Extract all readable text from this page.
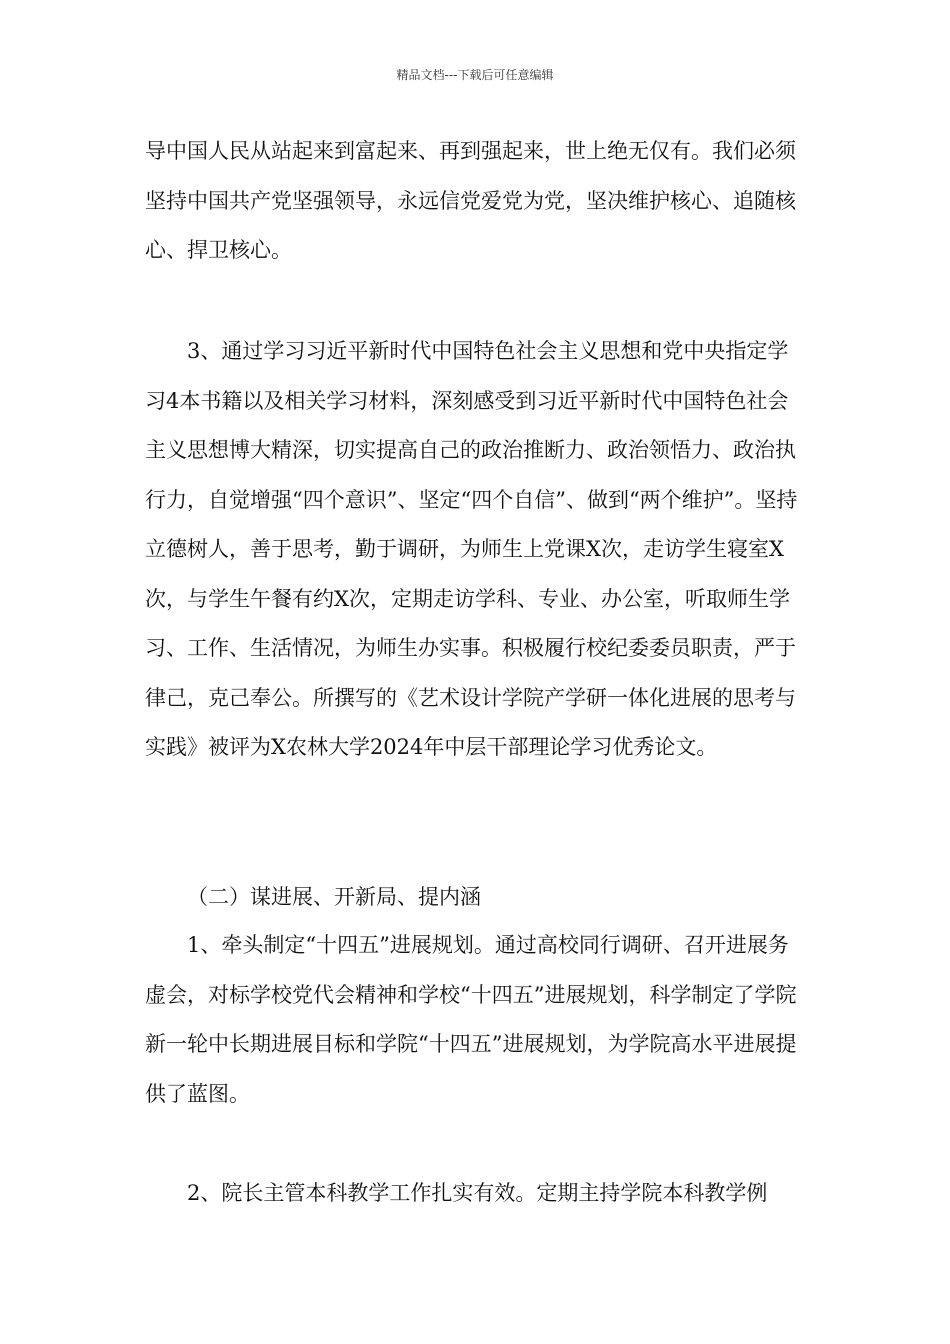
精品文档---下载后可任意编辑

导中国人民从站起来到富起来、再到强起来，世上绝无仅有。我们必须坚持中国共产党坚强领导，永远信党爱党为党，坚决维护核心、追随核心、捍卫核心。

3、通过学习习近平新时代中国特色社会主义思想和党中央指定学习4本书籍以及相关学习材料，深刻感受到习近平新时代中国特色社会主义思想博大精深，切实提高自己的政治推断力、政治领悟力、政治执行力，自觉增强“四个意识”、坚定“四个自信”、做到“两个维护”。坚持立德树人，善于思考，勤于调研，为师生上党课X次，走访学生寝室X次，与学生午餐有约X次，定期走访学科、专业、办公室，听取师生学习、工作、生活情况，为师生办实事。积极履行校纪委委员职责，严于律己，克己奉公。所撰写的《艺术设计学院产学研一体化进展的思考与实践》被评为X农林大学2024年中层干部理论学习优秀论文。

（二）谋进展、开新局、提内涵

1、牵头制定“十四五”进展规划。通过高校同行调研、召开进展务虚会，对标学校党代会精神和学校“十四五”进展规划，科学制定了学院新一轮中长期进展目标和学院“十四五”进展规划，为学院高水平进展提供了蓝图。

2、院长主管本科教学工作扎实有效。定期主持学院本科教学例
